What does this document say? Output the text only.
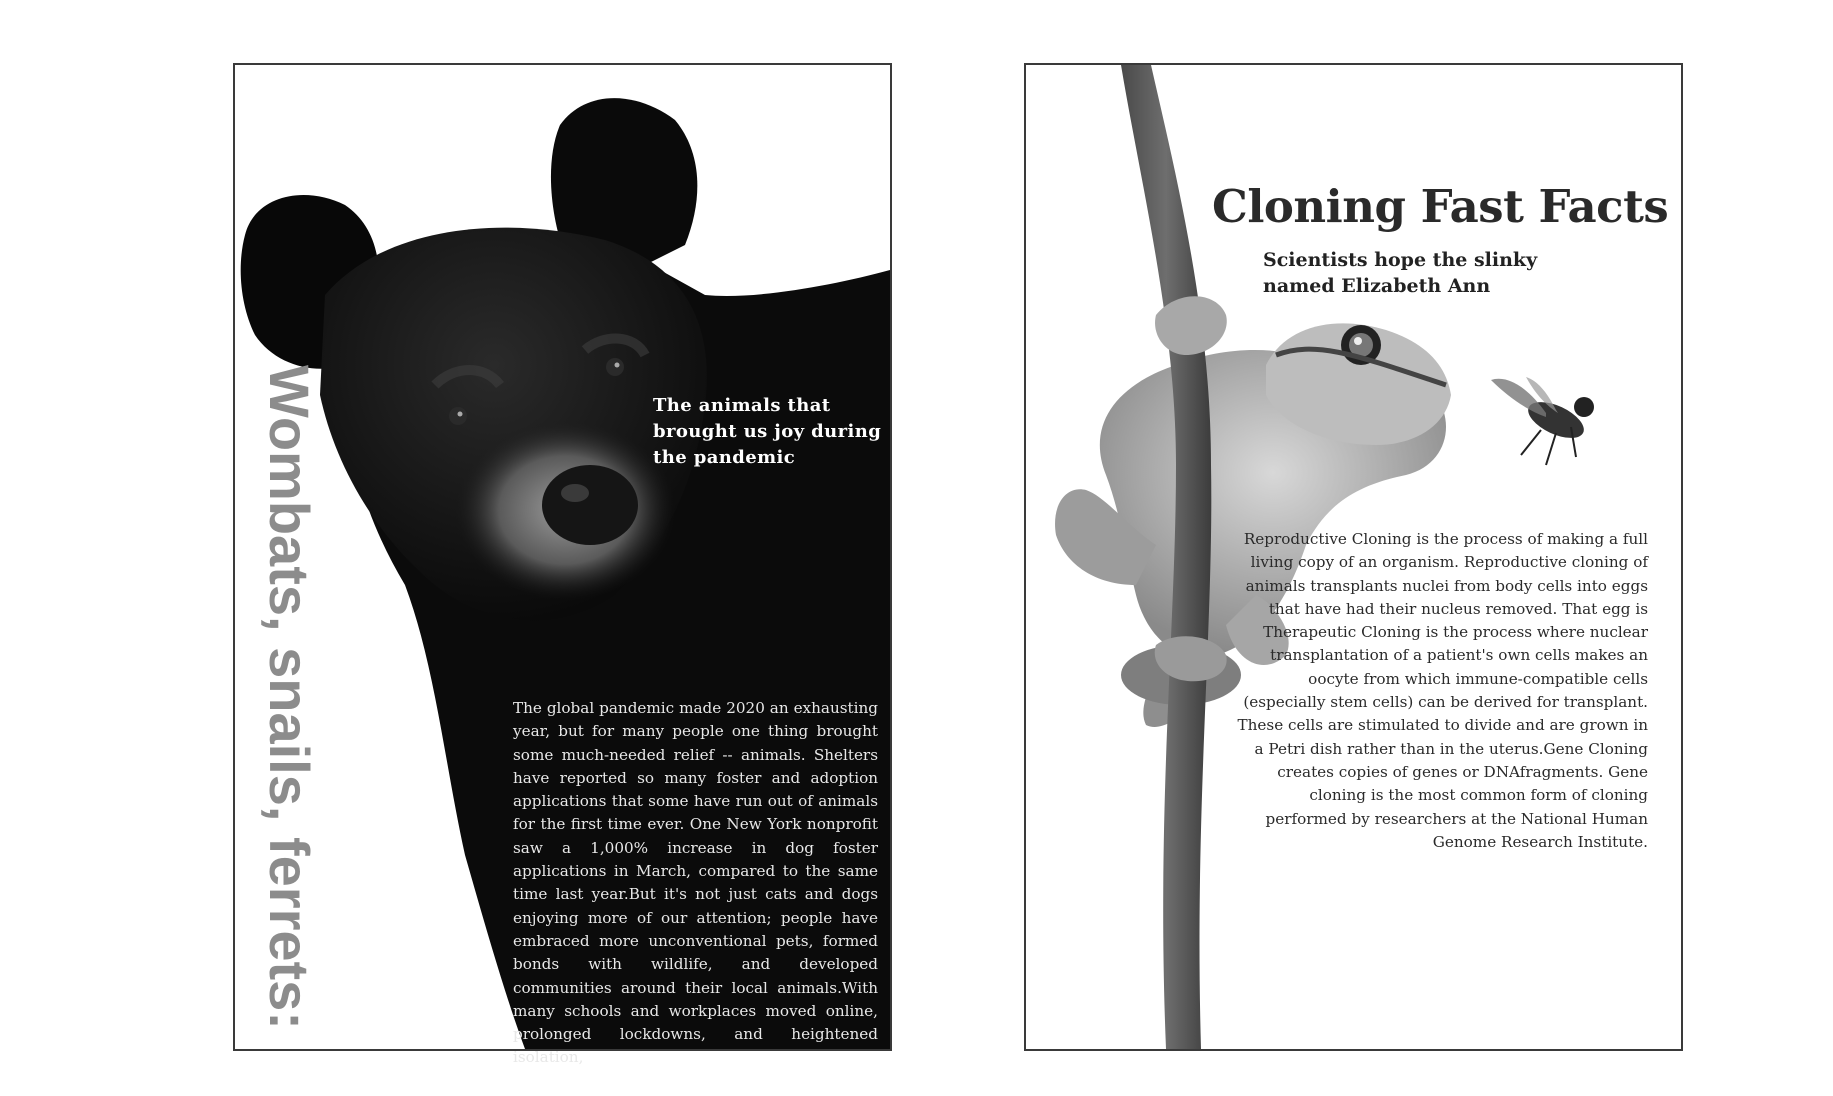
Wombats, snails, ferrets:	The animals that brought us joy during the pandemic
The global pandemic made 2020 an exhausting year, but for many people one thing brought some much-needed relief -- animals. Shelters have reported so many foster and adoption applications that some have run out of animals for the first time ever. One New York nonprofit saw a 1,000% increase in dog foster applications in March, compared to the same time last year.But it's not just cats and dogs enjoying more of our attention; people have embraced more unconventional pets, formed bonds with wildlife, and developed communities around their local animals.With many schools and workplaces moved online, prolonged lockdowns, and heightened isolation,
Cloning Fast Facts
Scientists hope the slinky named Elizabeth Ann
Reproductive Cloning is the process of making a full living copy of an organism. Reproductive cloning of animals transplants nuclei from body cells into eggs that have had their nucleus removed. That egg is Therapeutic Cloning is the process where nuclear transplantation of a patient's own cells makes an oocyte from which immune-compatible cells (especially stem cells) can be derived for transplant. These cells are stimulated to divide and are grown in a Petri dish rather than in the uterus.Gene Cloning creates copies of genes or DNAfragments. Gene cloning is the most common form of cloning performed by researchers at the National Human Genome Research Institute.
